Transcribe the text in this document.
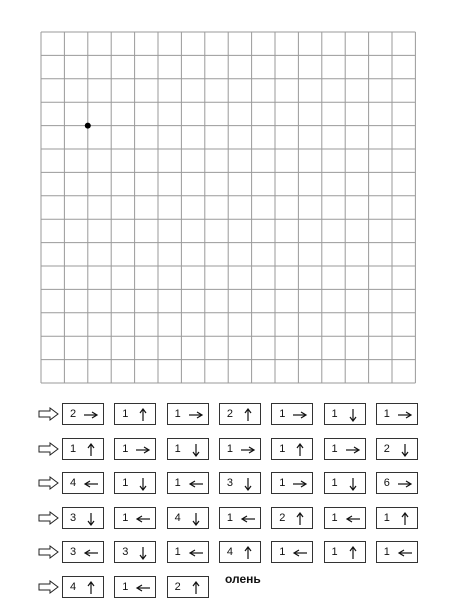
2	1	1	2	1	1	1
1	1	1	1	1	1	2
4	1	1	3	1	1	6
3	1	4	1	2	1	1
3	3	1	4	1	1	1
4	1	2
олень
